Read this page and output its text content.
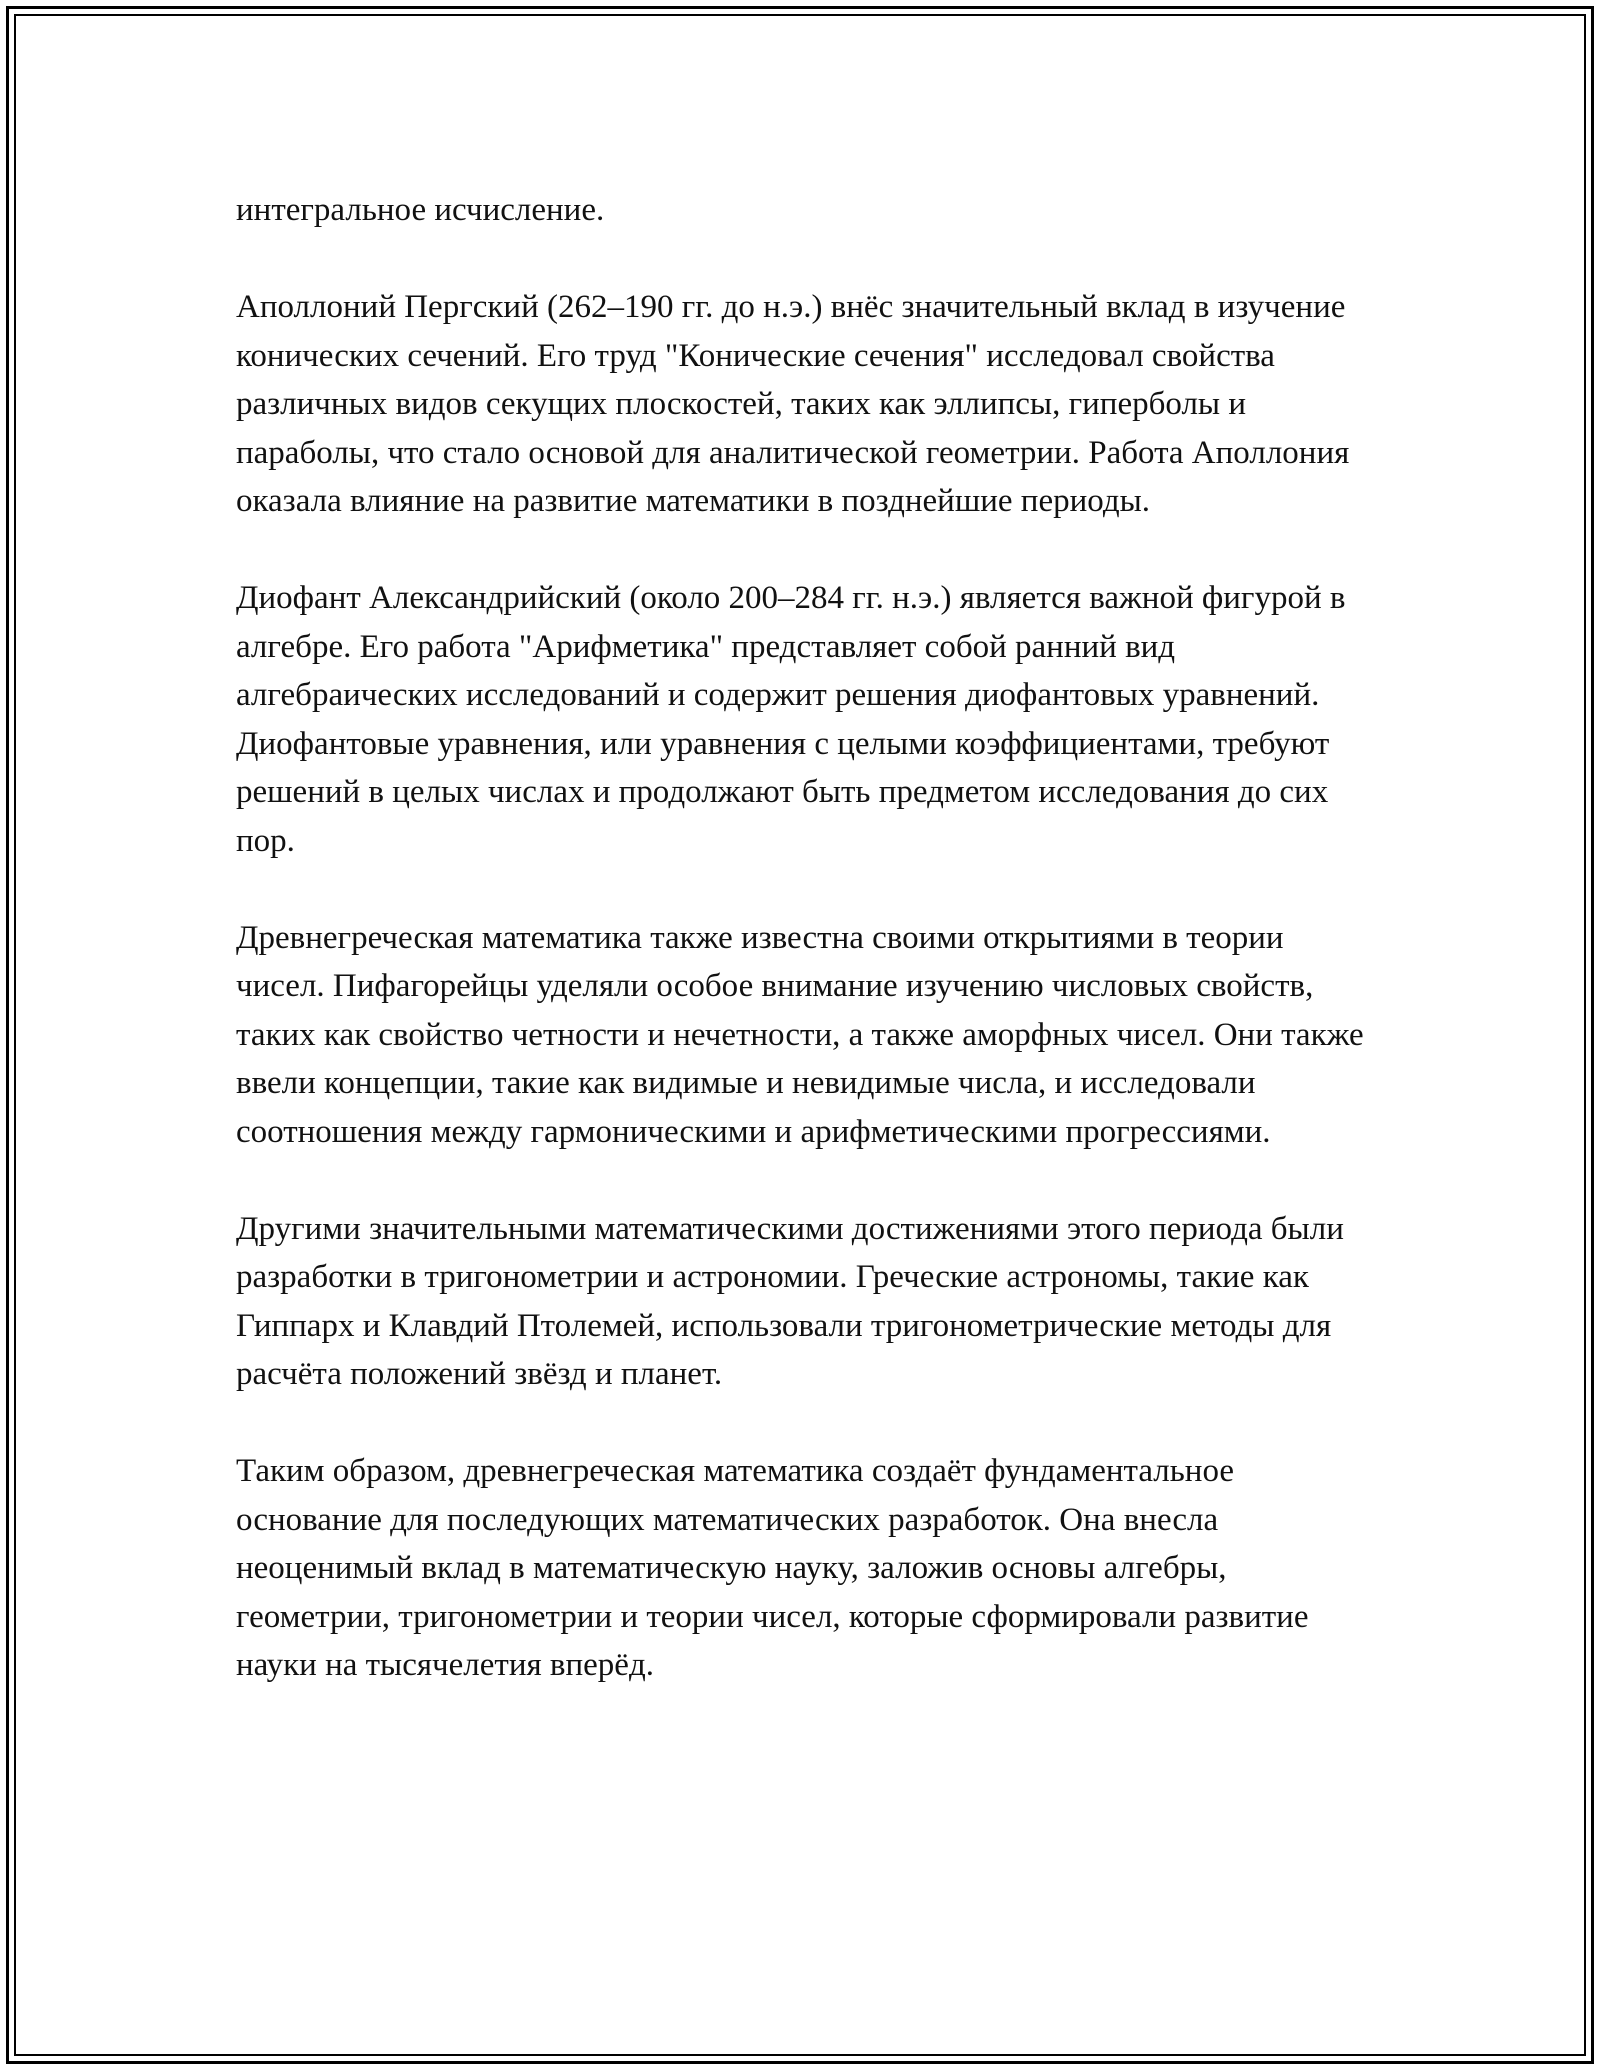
интегральное исчисление.

Аполлоний Пергский (262–190 гг. до н.э.) внёс значительный вклад в изучение конических сечений. Его труд "Конические сечения" исследовал свойства различных видов секущих плоскостей, таких как эллипсы, гиперболы и параболы, что стало основой для аналитической геометрии. Работа Аполлония оказала влияние на развитие математики в позднейшие периоды.

Диофант Александрийский (около 200–284 гг. н.э.) является важной фигурой в алгебре. Его работа "Арифметика" представляет собой ранний вид алгебраических исследований и содержит решения диофантовых уравнений. Диофантовые уравнения, или уравнения с целыми коэффициентами, требуют решений в целых числах и продолжают быть предметом исследования до сих пор.

Древнегреческая математика также известна своими открытиями в теории чисел. Пифагорейцы уделяли особое внимание изучению числовых свойств, таких как свойство четности и нечетности, а также аморфных чисел. Они также ввели концепции, такие как видимые и невидимые числа, и исследовали соотношения между гармоническими и арифметическими прогрессиями.

Другими значительными математическими достижениями этого периода были разработки в тригонометрии и астрономии. Греческие астрономы, такие как Гиппарх и Клавдий Птолемей, использовали тригонометрические методы для расчёта положений звёзд и планет.

Таким образом, древнегреческая математика создаёт фундаментальное основание для последующих математических разработок. Она внесла неоценимый вклад в математическую науку, заложив основы алгебры, геометрии, тригонометрии и теории чисел, которые сформировали развитие науки на тысячелетия вперёд.
